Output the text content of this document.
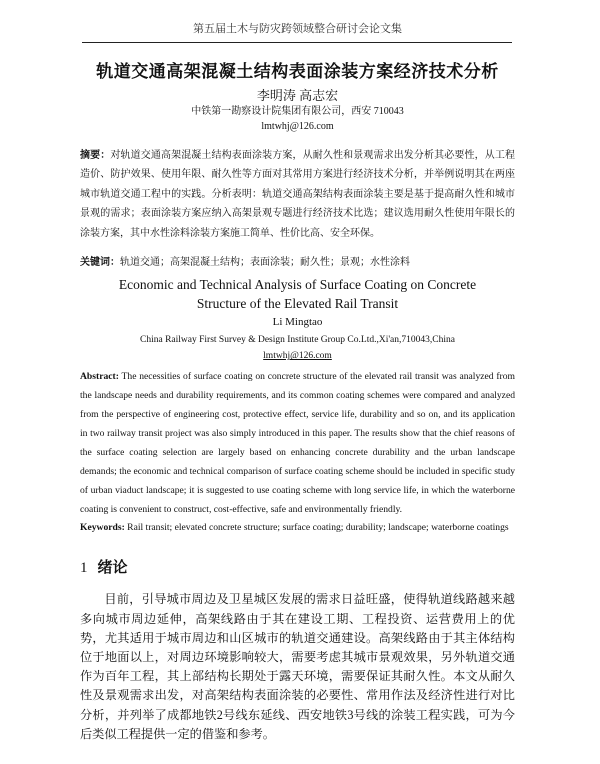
第五届土木与防灾跨领域整合研讨会论文集
轨道交通高架混凝土结构表面涂装方案经济技术分析
李明涛 高志宏
中铁第一勘察设计院集团有限公司，西安 710043
lmtwhj@126.com
摘要：对轨道交通高架混凝土结构表面涂装方案，从耐久性和景观需求出发分析其必要性，从工程造价、防护效果、使用年限、耐久性等方面对其常用方案进行经济技术分析，并举例说明其在两座城市轨道交通工程中的实践。分析表明：轨道交通高架结构表面涂装主要是基于提高耐久性和城市景观的需求；表面涂装方案应纳入高架景观专题进行经济技术比选；建议选用耐久性使用年限长的涂装方案，其中水性涂料涂装方案施工简单、性价比高、安全环保。
关键词：轨道交通；高架混凝土结构；表面涂装；耐久性；景观；水性涂料
Economic and Technical Analysis of Surface Coating on Concrete Structure of the Elevated Rail Transit
Li Mingtao
China Railway First Survey & Design Institute Group Co.Ltd.,Xi'an,710043,China
lmtwhj@126.com
Abstract: The necessities of surface coating on concrete structure of the elevated rail transit was analyzed from the landscape needs and durability requirements, and its common coating schemes were compared and analyzed from the perspective of engineering cost, protective effect, service life, durability and so on, and its application in two railway transit project was also simply introduced in this paper. The results show that the chief reasons of the surface coating selection are largely based on enhancing concrete durability and the urban landscape demands; the economic and technical comparison of surface coating scheme should be included in specific study of urban viaduct landscape; it is suggested to use coating scheme with long service life, in which the waterborne coating is convenient to construct, cost-effective, safe and environmentally friendly.
Keywords: Rail transit; elevated concrete structure; surface coating; durability; landscape; waterborne coatings
1 绪论
目前，引导城市周边及卫星城区发展的需求日益旺盛，使得轨道线路越来越多向城市周边延伸，高架线路由于其在建设工期、工程投资、运营费用上的优势，尤其适用于城市周边和山区城市的轨道交通建设。高架线路由于其主体结构位于地面以上，对周边环境影响较大，需要考虑其城市景观效果，另外轨道交通作为百年工程，其上部结构长期处于露天环境，需要保证其耐久性。本文从耐久性及景观需求出发，对高架结构表面涂装的必要性、常用作法及经济性进行对比分析，并列举了成都地铁2号线东延线、西安地铁3号线的涂装工程实践，可为今后类似工程提供一定的借鉴和参考。
